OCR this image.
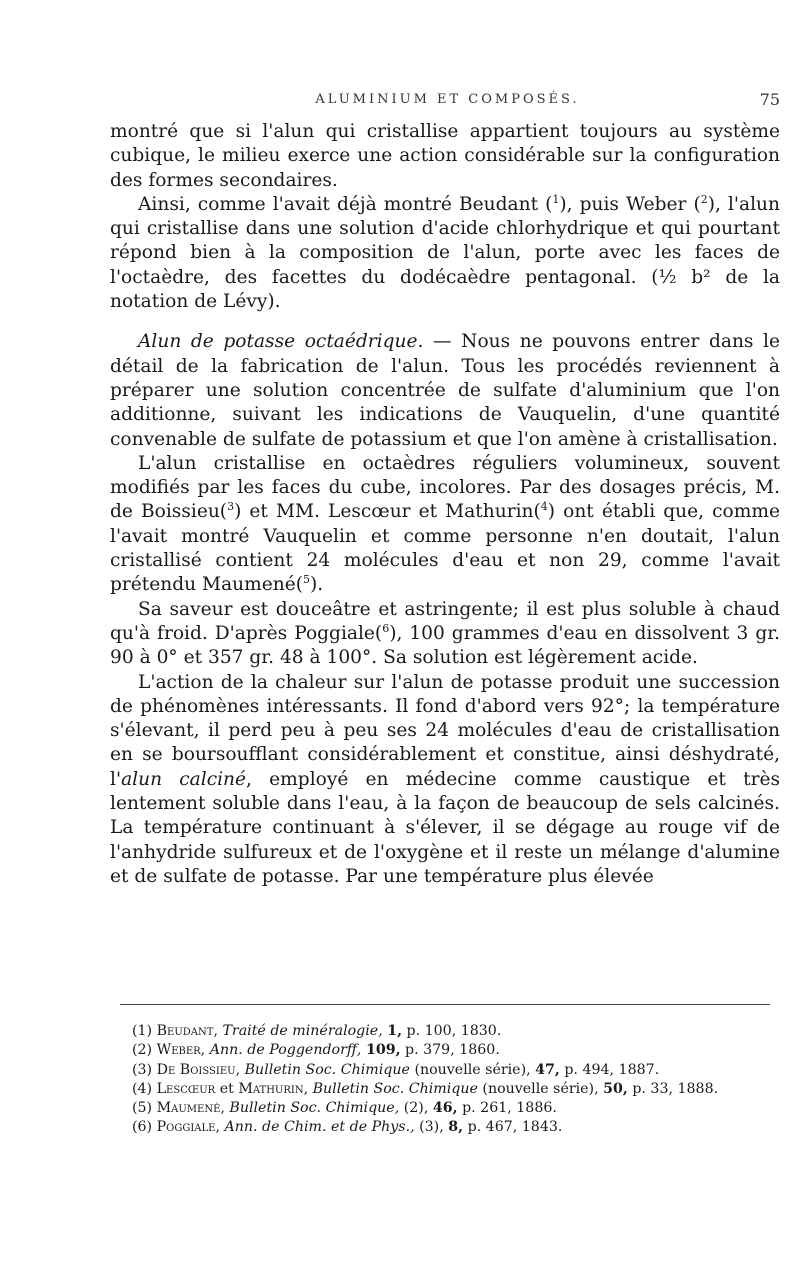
ALUMINIUM ET COMPOSÉS.	75

montré que si l'alun qui cristallise appartient toujours au système cubique, le milieu exerce une action considérable sur la configuration des formes secondaires.

Ainsi, comme l'avait déjà montré Beudant ($^1$), puis Weber ($^2$), l'alun qui cristallise dans une solution d'acide chlorhydrique et qui pourtant répond bien à la composition de l'alun, porte avec les faces de l'octaèdre, des facettes du dodécaèdre pentagonal. (½ b² de la notation de Lévy).

Alun de potasse octaédrique. — Nous ne pouvons entrer dans le détail de la fabrication de l'alun. Tous les procédés reviennent à préparer une solution concentrée de sulfate d'aluminium que l'on additionne, suivant les indications de Vauquelin, d'une quantité convenable de sulfate de potassium et que l'on amène à cristallisation.

L'alun cristallise en octaèdres réguliers volumineux, souvent modifiés par les faces du cube, incolores. Par des dosages précis, M. de Boissieu($^3$) et MM. Lescœur et Mathurin($^4$) ont établi que, comme l'avait montré Vauquelin et comme personne n'en doutait, l'alun cristallisé contient 24 molécules d'eau et non 29, comme l'avait prétendu Maumené($^5$).

Sa saveur est douceâtre et astringente; il est plus soluble à chaud qu'à froid. D'après Poggiale($^6$), 100 grammes d'eau en dissolvent 3 gr. 90 à 0° et 357 gr. 48 à 100°. Sa solution est légèrement acide.

L'action de la chaleur sur l'alun de potasse produit une succession de phénomènes intéressants. Il fond d'abord vers 92°; la température s'élevant, il perd peu à peu ses 24 molécules d'eau de cristallisation en se boursoufflant considérablement et constitue, ainsi déshydraté, l'alun calciné, employé en médecine comme caustique et très lentement soluble dans l'eau, à la façon de beaucoup de sels calcinés. La température continuant à s'élever, il se dégage au rouge vif de l'anhydride sulfureux et de l'oxygène et il reste un mélange d'alumine et de sulfate de potasse. Par une température plus élevée

(1) Beudant, Traité de minéralogie, 1, p. 100, 1830.

(2) Weber, Ann. de Poggendorff, 109, p. 379, 1860.

(3) De Boissieu, Bulletin Soc. Chimique (nouvelle série), 47, p. 494, 1887.

(4) Lescœur et Mathurin, Bulletin Soc. Chimique (nouvelle série), 50, p. 33, 1888.

(5) Maumené, Bulletin Soc. Chimique, (2), 46, p. 261, 1886.

(6) Poggiale, Ann. de Chim. et de Phys., (3), 8, p. 467, 1843.
